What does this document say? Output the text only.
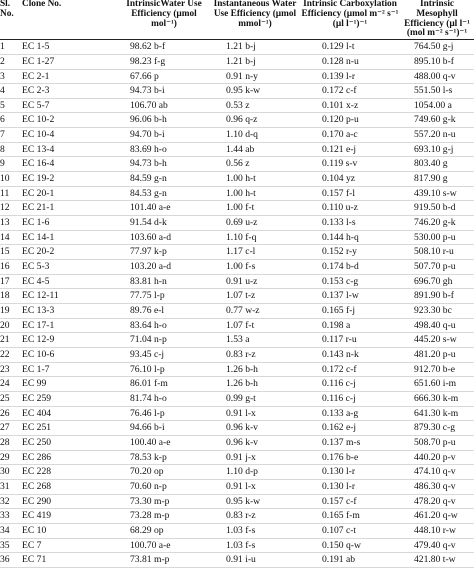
Sl. No.	Clone No.	IntrinsicWater Use Efficiency (µmol mol⁻¹)	Instantaneous Water Use Efficiency (µmol mmol⁻¹)	Intrinsic Carboxylation Efficiency (µmol m⁻² s⁻¹ (µl l⁻¹)⁻¹	Intrinsic Mesophyll Efficiency (µl l⁻¹ (mol m⁻² s⁻¹)⁻¹
1	EC 1-5	98.62 b-f	1.21 b-j	0.129 l-t	764.50 g-j
2	EC 1-27	98.23 f-g	1.21 b-j	0.128 n-u	895.10 b-f
3	EC 2-1	67.66 p	0.91 n-y	0.139 l-r	488.00 q-v
4	EC 2-3	94.73 b-i	0.95 k-w	0.172 c-f	551.50 l-s
5	EC 5-7	106.70 ab	0.53 z	0.101 x-z	1054.00 a
6	EC 10-2	96.06 b-h	0.96 q-z	0.120 p-u	749.60 g-k
7	EC 10-4	94.70 b-i	1.10 d-q	0.170 a-c	557.20 n-u
8	EC 13-4	83.69 h-o	1.44 ab	0.121 e-j	693.10 g-j
9	EC 16-4	94.73 b-h	0.56 z	0.119 s-v	803.40 g
10	EC 19-2	84.59 g-n	1.00 h-t	0.104 yz	817.90 g
11	EC 20-1	84.53 g-n	1.00 h-t	0.157 f-l	439.10 s-w
12	EC 21-1	101.40 a-e	1.00 f-t	0.110 u-z	919.50 b-d
13	EC 1-6	91.54 d-k	0.69 u-z	0.133 l-s	746.20 g-k
14	EC 14-1	103.60 a-d	1.10 f-q	0.144 h-q	530.00 p-u
15	EC 20-2	77.97 k-p	1.17 c-l	0.152 r-y	508.10 r-u
16	EC 5-3	103.20 a-d	1.00 f-s	0.174 b-d	507.70 p-u
17	EC 4-5	83.81 h-n	0.91 u-z	0.153 c-g	696.70 gh
18	EC 12-11	77.75 l-p	1.07 t-z	0.137 l-w	891.90 b-f
19	EC 13-3	89.76 e-l	0.77 w-z	0.165 f-j	923.30 bc
20	EC 17-1	83.64 h-o	1.07 f-t	0.198 a	498.40 q-u
21	EC 12-9	71.04 n-p	1.53 a	0.117 r-u	445.20 s-w
22	EC 10-6	93.45 c-j	0.83 r-z	0.143 n-k	481.20 p-u
23	EC 1-7	76.10 l-p	1.26 b-h	0.172 c-f	912.70 b-e
24	EC 99	86.01 f-m	1.26 b-h	0.116 c-j	651.60 i-m
25	EC 259	81.74 h-o	0.99 g-t	0.116 c-j	666.30 k-m
26	EC 404	76.46 l-p	0.91 l-x	0.133 a-g	641.30 k-m
27	EC 251	94.66 b-i	0.96 k-v	0.162 e-j	879.30 c-g
28	EC 250	100.40 a-e	0.96 k-v	0.137 m-s	508.70 p-u
29	EC 286	78.53 k-p	0.91 j-x	0.176 b-e	440.20 p-v
30	EC 228	70.20 op	1.10 d-p	0.130 l-r	474.10 q-v
31	EC 268	70.60 n-p	0.91 l-x	0.130 l-r	486.30 q-v
32	EC 290	73.30 m-p	0.95 k-w	0.157 c-f	478.20 q-v
33	EC 419	73.28 m-p	0.83 r-z	0.165 f-m	461.20 q-w
34	EC 10	68.29 op	1.03 f-s	0.107 c-t	448.10 r-w
35	EC 7	100.70 a-e	1.03 f-s	0.150 q-w	479.40 q-v
36	EC 71	73.81 m-p	0.91 i-u	0.191 ab	421.80 t-w
